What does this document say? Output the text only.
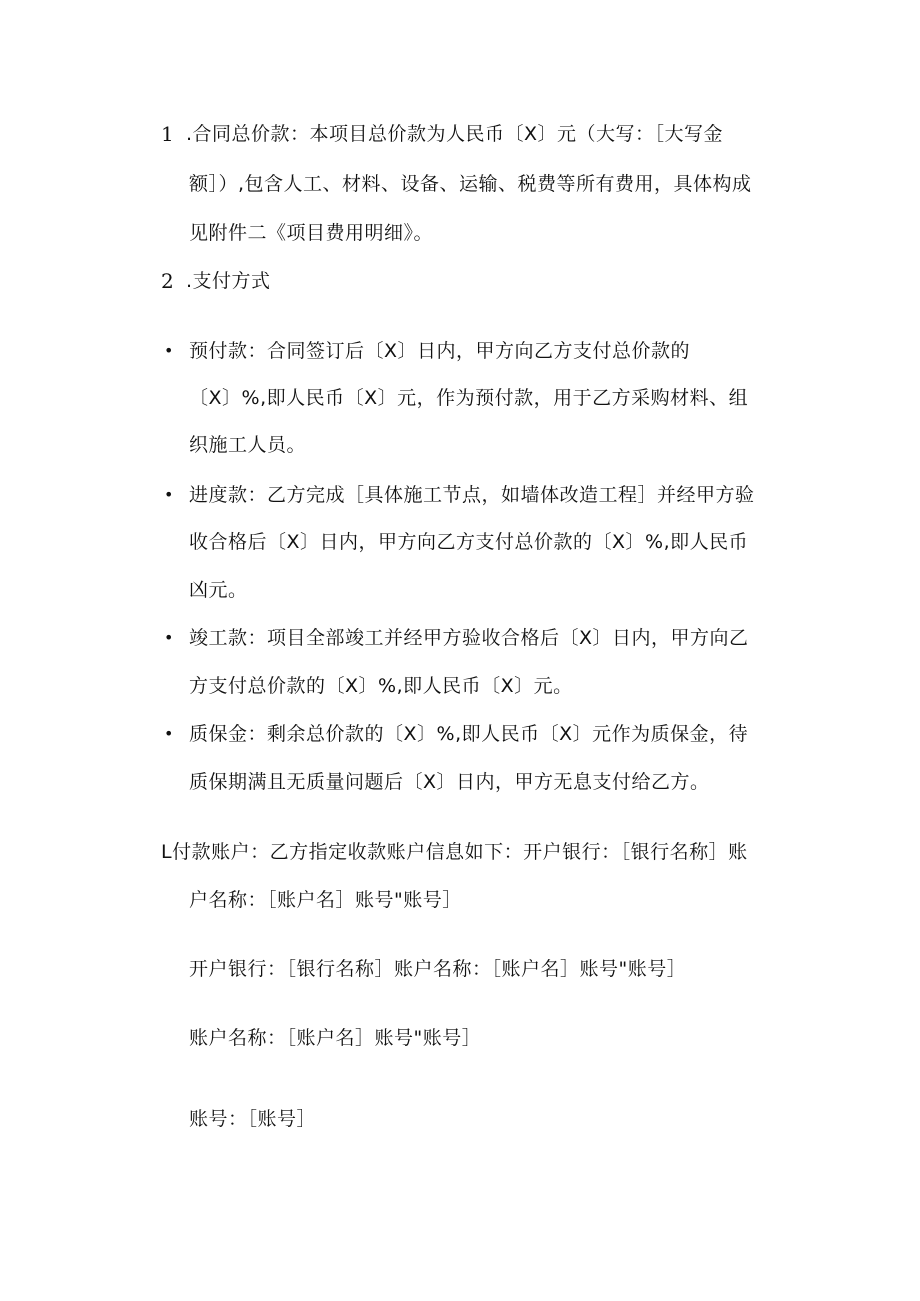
1 .合同总价款：本项目总价款为人民币〔X〕元（大写：［大写金
额］）,包含人工、材料、设备、运输、税费等所有费用，具体构成
见附件二《项目费用明细》。
2 .支付方式
• 预付款：合同签订后〔X〕日内，甲方向乙方支付总价款的
〔X〕%,即人民币〔X〕元，作为预付款，用于乙方采购材料、组
织施工人员。
• 进度款：乙方完成［具体施工节点，如墙体改造工程］并经甲方验
收合格后〔X〕日内，甲方向乙方支付总价款的〔X〕%,即人民币
凶元。
• 竣工款：项目全部竣工并经甲方验收合格后〔X〕日内，甲方向乙
方支付总价款的〔X〕%,即人民币〔X〕元。
• 质保金：剩余总价款的〔X〕%,即人民币〔X〕元作为质保金，待
质保期满且无质量问题后〔X〕日内，甲方无息支付给乙方。
L付款账户：乙方指定收款账户信息如下：开户银行：［银行名称］账
户名称：［账户名］账号"账号］
开户银行：［银行名称］账户名称：［账户名］账号"账号］
账户名称：［账户名］账号"账号］
账号：［账号］
